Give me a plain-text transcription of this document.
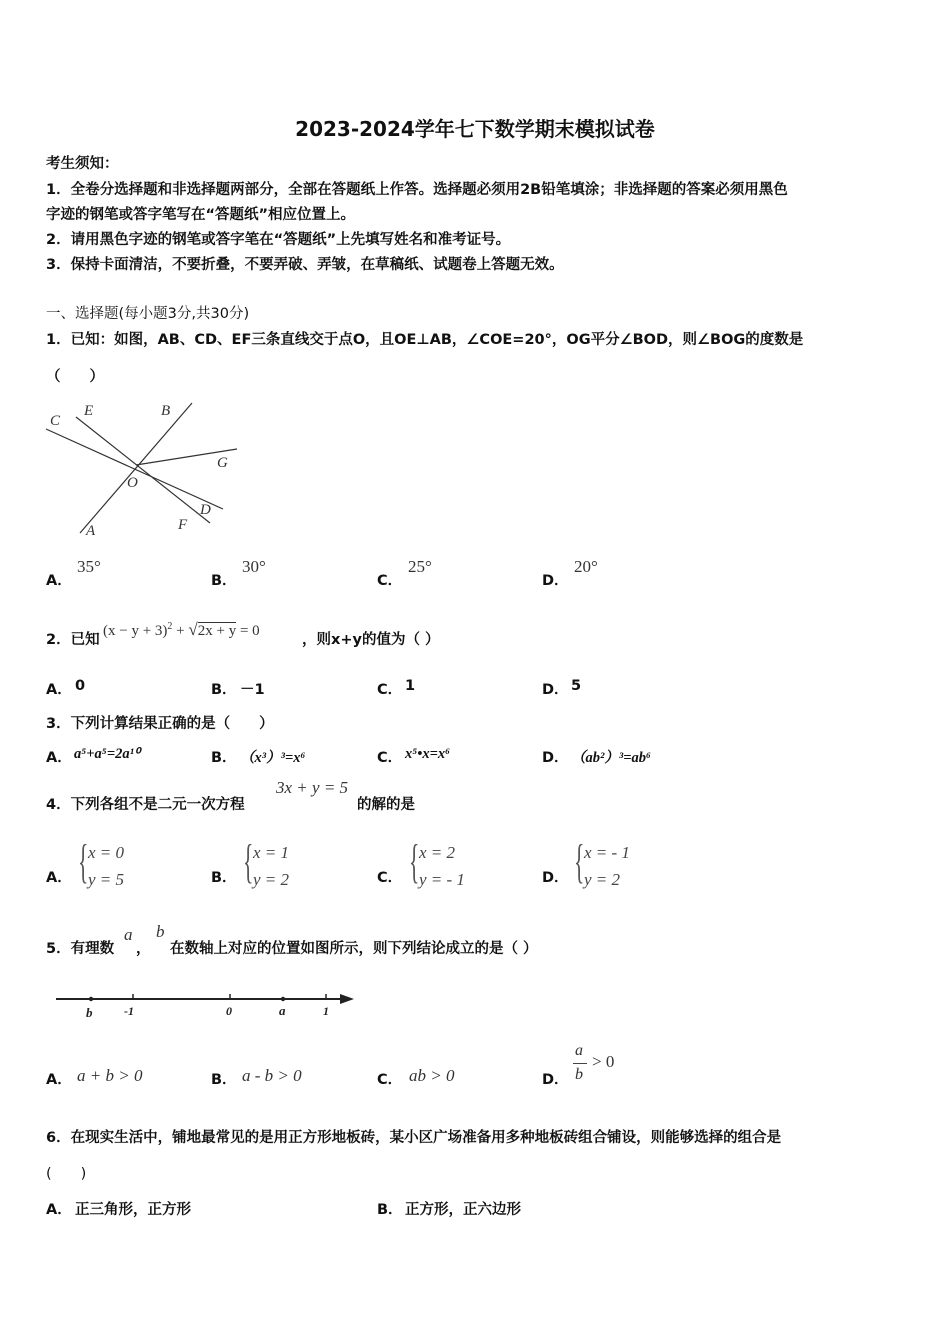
2023-2024学年七下数学期末模拟试卷
考生须知：
1．全卷分选择题和非选择题两部分，全部在答题纸上作答。选择题必须用2B铅笔填涂；非选择题的答案必须用黑色
字迹的钢笔或答字笔写在“答题纸”相应位置上。
2．请用黑色字迹的钢笔或答字笔在“答题纸”上先填写姓名和准考证号。
3．保持卡面清洁，不要折叠，不要弄破、弄皱，在草稿纸、试题卷上答题无效。
一、选择题(每小题3分,共30分)
1．已知：如图，AB、CD、EF三条直线交于点O，且OE⊥AB，∠COE=20°，OG平分∠BOD，则∠BOG的度数是
（　　）
C
E	B
G
O
D
F
A
A．
35°
B．
30°
C．
25°
D．
20°
2．已知
$(x - y + 3)^2 + √2x + y = 0$
，则x+y的值为（ ）
A． 0	B． －1	C． 1	D． 5
3．下列计算结果正确的是（　　）
A． a⁵+a⁵=2a¹⁰	B． （x³）³=x⁶	C． x⁵•x=x⁶	D． （ab²）³=ab⁶
4．下列各组不是二元一次方程
3x + y = 5
的解的是
A． { x = 0
y = 5	B． { x = 1
y = 2	C． { x = 2
y = - 1	D． { x = - 1
y = 2
5．有理数
a
，
b
在数轴上对应的位置如图所示，则下列结论成立的是（ ）
b	-1	0	a	1
A． a + b > 0	B． a - b > 0	C． ab > 0	D．
a
b
> 0
6．在现实生活中，铺地最常见的是用正方形地板砖，某小区广场准备用多种地板砖组合铺设，则能够选择的组合是
(　　)
A． 正三角形，正方形	B． 正方形，正六边形
